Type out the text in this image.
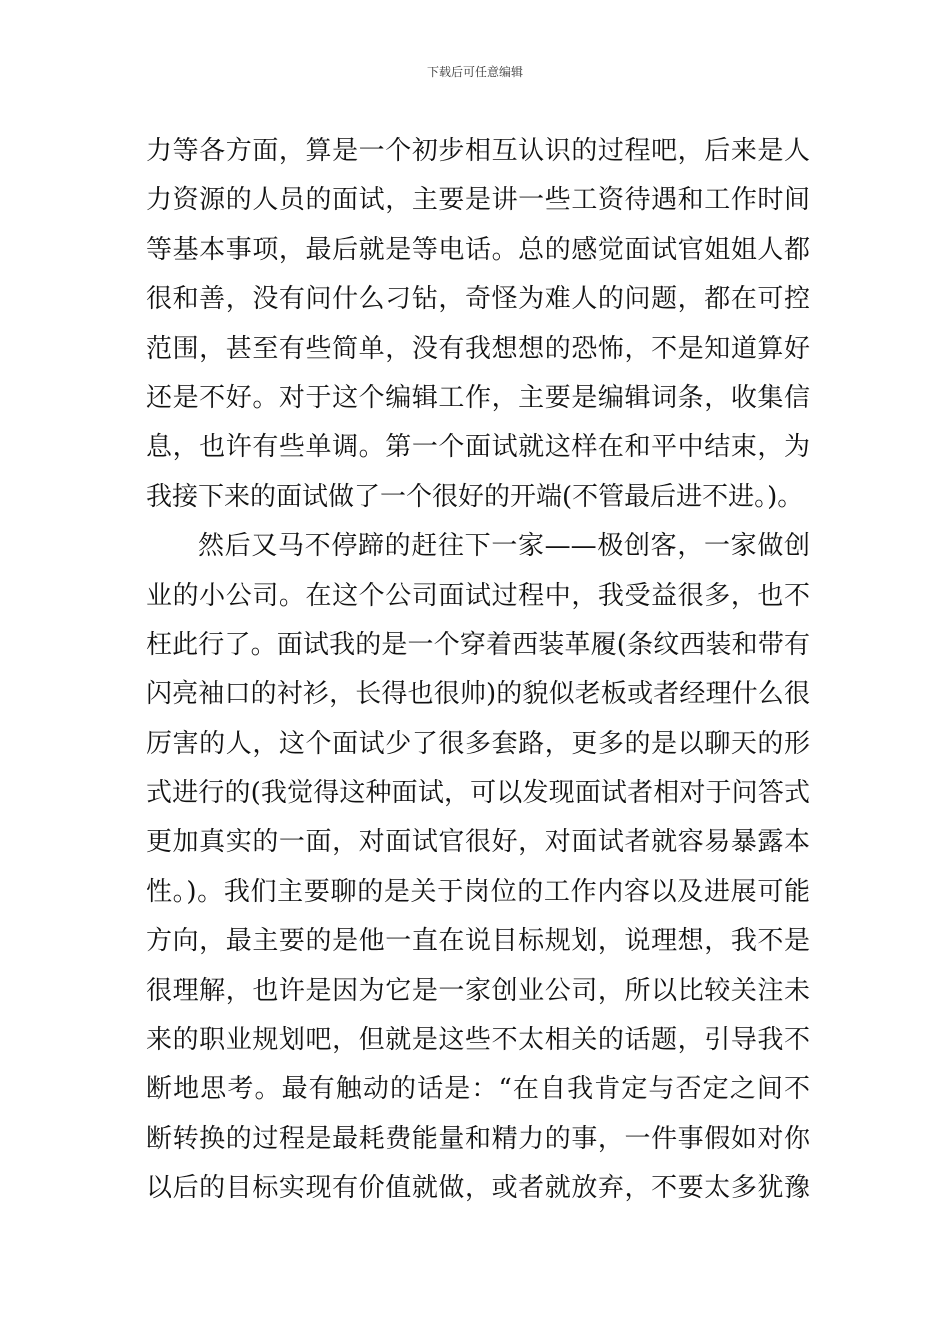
下载后可任意编辑
力等各方面，算是一个初步相互认识的过程吧，后来是人
力资源的人员的面试，主要是讲一些工资待遇和工作时间
等基本事项，最后就是等电话。总的感觉面试官姐姐人都
很和善，没有问什么刁钻，奇怪为难人的问题，都在可控
范围，甚至有些简单，没有我想想的恐怖，不是知道算好
还是不好。对于这个编辑工作，主要是编辑词条，收集信
息，也许有些单调。第一个面试就这样在和平中结束，为
我接下来的面试做了一个很好的开端(不管最后进不进。)。
然后又马不停蹄的赶往下一家——极创客，一家做创
业的小公司。在这个公司面试过程中，我受益很多，也不
枉此行了。面试我的是一个穿着西装革履(条纹西装和带有
闪亮袖口的衬衫，长得也很帅)的貌似老板或者经理什么很
厉害的人，这个面试少了很多套路，更多的是以聊天的形
式进行的(我觉得这种面试，可以发现面试者相对于问答式
更加真实的一面，对面试官很好，对面试者就容易暴露本
性。)。我们主要聊的是关于岗位的工作内容以及进展可能
方向，最主要的是他一直在说目标规划，说理想，我不是
很理解，也许是因为它是一家创业公司，所以比较关注未
来的职业规划吧，但就是这些不太相关的话题，引导我不
断地思考。最有触动的话是：“在自我肯定与否定之间不
断转换的过程是最耗费能量和精力的事，一件事假如对你
以后的目标实现有价值就做，或者就放弃，不要太多犹豫
